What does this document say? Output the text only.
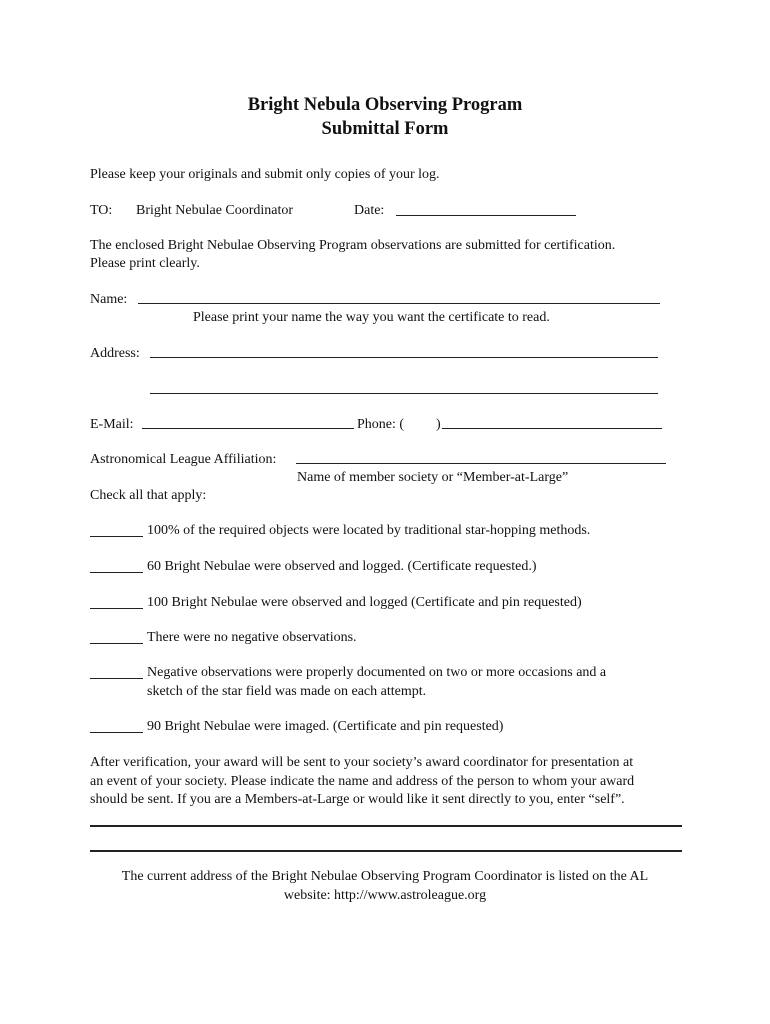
Bright Nebula Observing Program
Submittal Form
Please keep your originals and submit only copies of your log.
TO: Bright Nebulae Coordinator	Date:
The enclosed Bright Nebulae Observing Program observations are submitted for certification.
Please print clearly.
Name:
Please print your name the way you want the certificate to read.
Address:
E-Mail:	Phone: ( )
Astronomical League Affiliation:
Name of member society or “Member-at-Large”
Check all that apply:
100% of the required objects were located by traditional star-hopping methods.
60 Bright Nebulae were observed and logged. (Certificate requested.)
100 Bright Nebulae were observed and logged (Certificate and pin requested)
There were no negative observations.
Negative observations were properly documented on two or more occasions and a
sketch of the star field was made on each attempt.
90 Bright Nebulae were imaged. (Certificate and pin requested)
After verification, your award will be sent to your society’s award coordinator for presentation at
an event of your society. Please indicate the name and address of the person to whom your award
should be sent. If you are a Members-at-Large or would like it sent directly to you, enter “self”.
The current address of the Bright Nebulae Observing Program Coordinator is listed on the AL
website: http://www.astroleague.org
